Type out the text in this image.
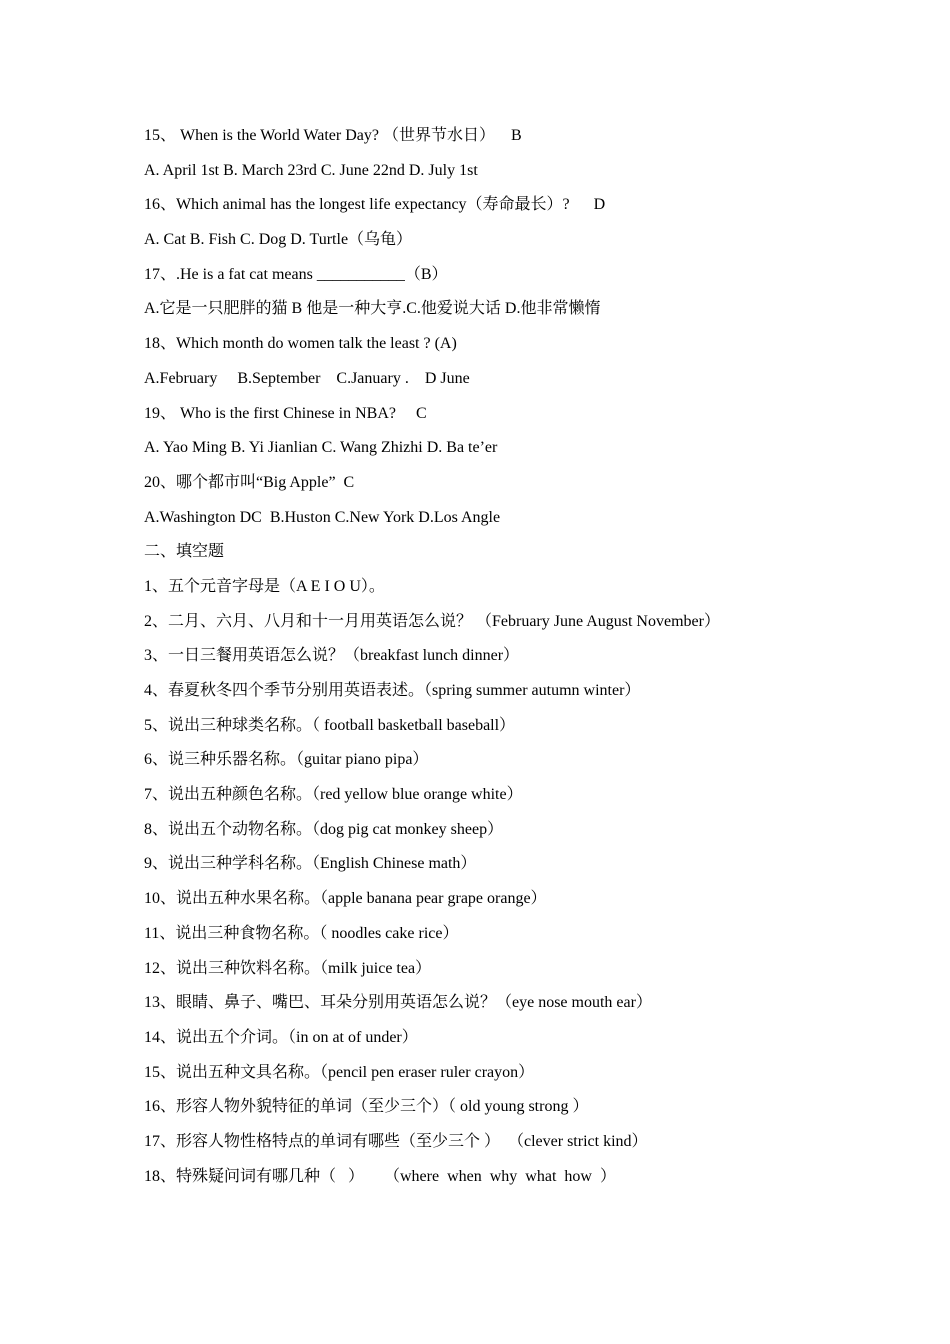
15、 When is the World Water Day? （世界节水日）    B
A. April 1st B. March 23rd C. June 22nd D. July 1st
16、Which animal has the longest life expectancy（寿命最长）?      D
A. Cat B. Fish C. Dog D. Turtle（乌龟）
17、.He is a fat cat means ___________（B）
A.它是一只肥胖的猫 B 他是一种大亨.C.他爱说大话 D.他非常懒惰
18、Which month do women talk the least ? (A)
A.February     B.September    C.January .    D June
19、 Who is the first Chinese in NBA?     C
A. Yao Ming B. Yi Jianlian C. Wang Zhizhi D. Ba te’er
20、哪个都市叫“Big Apple”  C
A.Washington DC  B.Huston C.New York D.Los Angle
二、填空题
1、五个元音字母是（A E I O U）。
2、二月、六月、八月和十一月用英语怎么说？ （February June August November）
3、一日三餐用英语怎么说？（breakfast lunch dinner）
4、春夏秋冬四个季节分别用英语表述。（spring summer autumn winter）
5、说出三种球类名称。（ football basketball baseball）
6、说三种乐器名称。（guitar piano pipa）
7、说出五种颜色名称。（red yellow blue orange white）
8、说出五个动物名称。（dog pig cat monkey sheep）
9、说出三种学科名称。（English Chinese math）
10、说出五种水果名称。（apple banana pear grape orange）
11、说出三种食物名称。（ noodles cake rice）
12、说出三种饮料名称。（milk juice tea）
13、眼睛、鼻子、嘴巴、耳朵分别用英语怎么说？（eye nose mouth ear）
14、说出五个介词。（in on at of under）
15、说出五种文具名称。（pencil pen eraser ruler crayon）
16、形容人物外貌特征的单词（至少三个）（ old young strong ）
17、形容人物性格特点的单词有哪些（至少三个 ）  （clever strict kind）
18、特殊疑问词有哪几种（   ）     （where  when  why  what  how  ）
